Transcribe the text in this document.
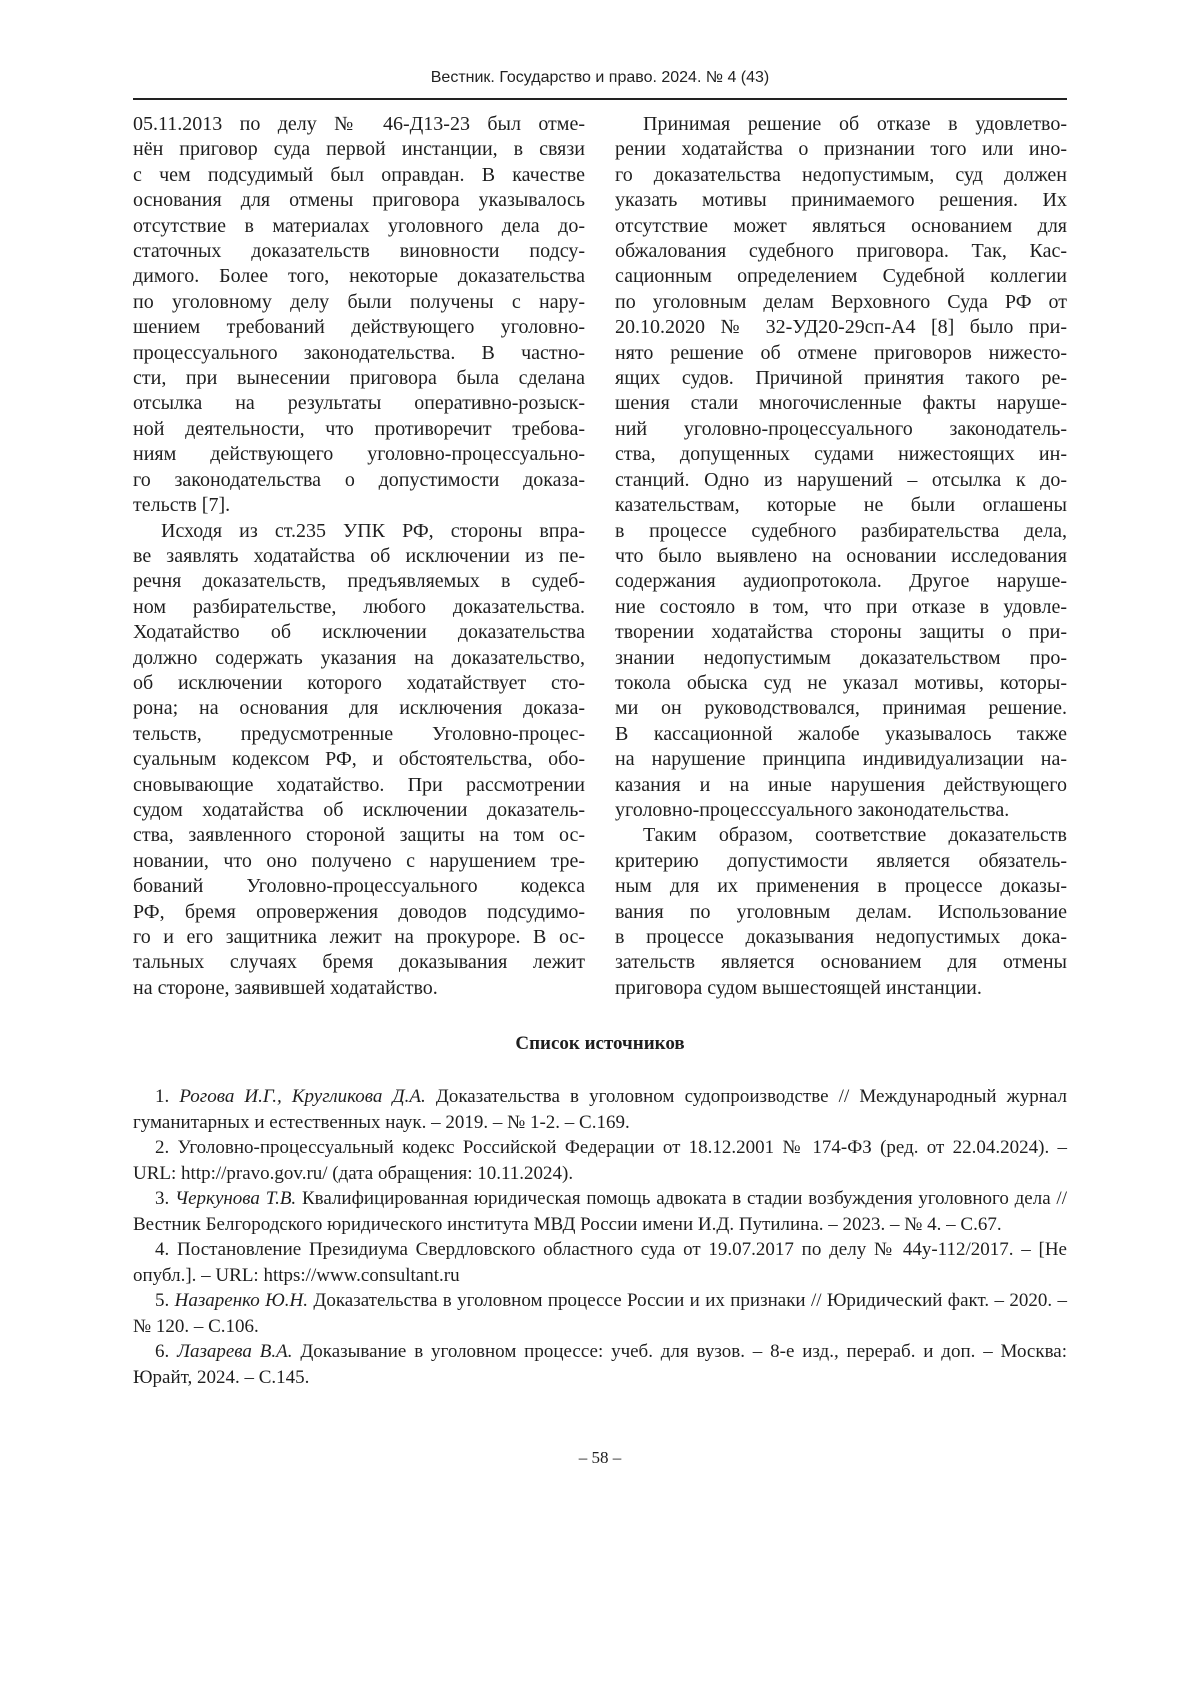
Вестник. Государство и право. 2024. № 4 (43)
05.11.2013 по делу № 46-Д13-23 был отме-
нён приговор суда первой инстанции, в связи
с чем подсудимый был оправдан. В качестве
основания для отмены приговора указывалось
отсутствие в материалах уголовного дела до-
статочных доказательств виновности подсу-
димого. Более того, некоторые доказательства
по уголовному делу были получены с нару-
шением требований действующего уголовно-
процессуального законодательства. В частно-
сти, при вынесении приговора была сделана
отсылка на результаты оперативно-розыск-
ной деятельности, что противоречит требова-
ниям действующего уголовно-процессуально-
го законодательства о допустимости доказа-
тельств [7].
Исходя из ст.235 УПК РФ, стороны впра-
ве заявлять ходатайства об исключении из пе-
речня доказательств, предъявляемых в судеб-
ном разбирательстве, любого доказательства.
Ходатайство об исключении доказательства
должно содержать указания на доказательство,
об исключении которого ходатайствует сто-
рона; на основания для исключения доказа-
тельств, предусмотренные Уголовно-процес-
суальным кодексом РФ, и обстоятельства, обо-
сновывающие ходатайство. При рассмотрении
судом ходатайства об исключении доказатель-
ства, заявленного стороной защиты на том ос-
новании, что оно получено с нарушением тре-
бований Уголовно-процессуального кодекса
РФ, бремя опровержения доводов подсудимо-
го и его защитника лежит на прокуроре. В ос-
тальных случаях бремя доказывания лежит
на стороне, заявившей ходатайство.
Принимая решение об отказе в удовлетво-
рении ходатайства о признании того или ино-
го доказательства недопустимым, суд должен
указать мотивы принимаемого решения. Их
отсутствие может являться основанием для
обжалования судебного приговора. Так, Кас-
сационным определением Судебной коллегии
по уголовным делам Верховного Суда РФ от
20.10.2020 № 32-УД20-29сп-А4 [8] было при-
нято решение об отмене приговоров нижесто-
ящих судов. Причиной принятия такого ре-
шения стали многочисленные факты наруше-
ний уголовно-процессуального законодатель-
ства, допущенных судами нижестоящих ин-
станций. Одно из нарушений – отсылка к до-
казательствам, которые не были оглашены
в процессе судебного разбирательства дела,
что было выявлено на основании исследования
содержания аудиопротокола. Другое наруше-
ние состояло в том, что при отказе в удовле-
творении ходатайства стороны защиты о при-
знании недопустимым доказательством про-
токола обыска суд не указал мотивы, которы-
ми он руководствовался, принимая решение.
В кассационной жалобе указывалось также
на нарушение принципа индивидуализации на-
казания и на иные нарушения действующего
уголовно-процесссуального законодательства.
Таким образом, соответствие доказательств
критерию допустимости является обязатель-
ным для их применения в процессе доказы-
вания по уголовным делам. Использование
в процессе доказывания недопустимых дока-
зательств является основанием для отмены
приговора судом вышестоящей инстанции.
Список источников

1. Рогова И.Г., Кругликова Д.А. Доказательства в уголовном судопроизводстве // Международный журнал гуманитарных и естественных наук. – 2019. – № 1-2. – С.169.

2. Уголовно-процессуальный кодекс Российской Федерации от 18.12.2001 № 174-ФЗ (ред. от 22.04.2024). – URL: http://pravo.gov.ru/ (дата обращения: 10.11.2024).

3. Черкунова Т.В. Квалифицированная юридическая помощь адвоката в стадии возбуждения уголовного дела // Вестник Белгородского юридического института МВД России имени И.Д. Путилина. – 2023. – № 4. – С.67.

4. Постановление Президиума Свердловского областного суда от 19.07.2017 по делу № 44у-112/2017. – [Не опубл.]. – URL: https://www.consultant.ru

5. Назаренко Ю.Н. Доказательства в уголовном процессе России и их признаки // Юридический факт. – 2020. – № 120. – С.106.

6. Лазарева В.А. Доказывание в уголовном процессе: учеб. для вузов. – 8-е изд., перераб. и доп. – Москва: Юрайт, 2024. – С.145.

– 58 –
